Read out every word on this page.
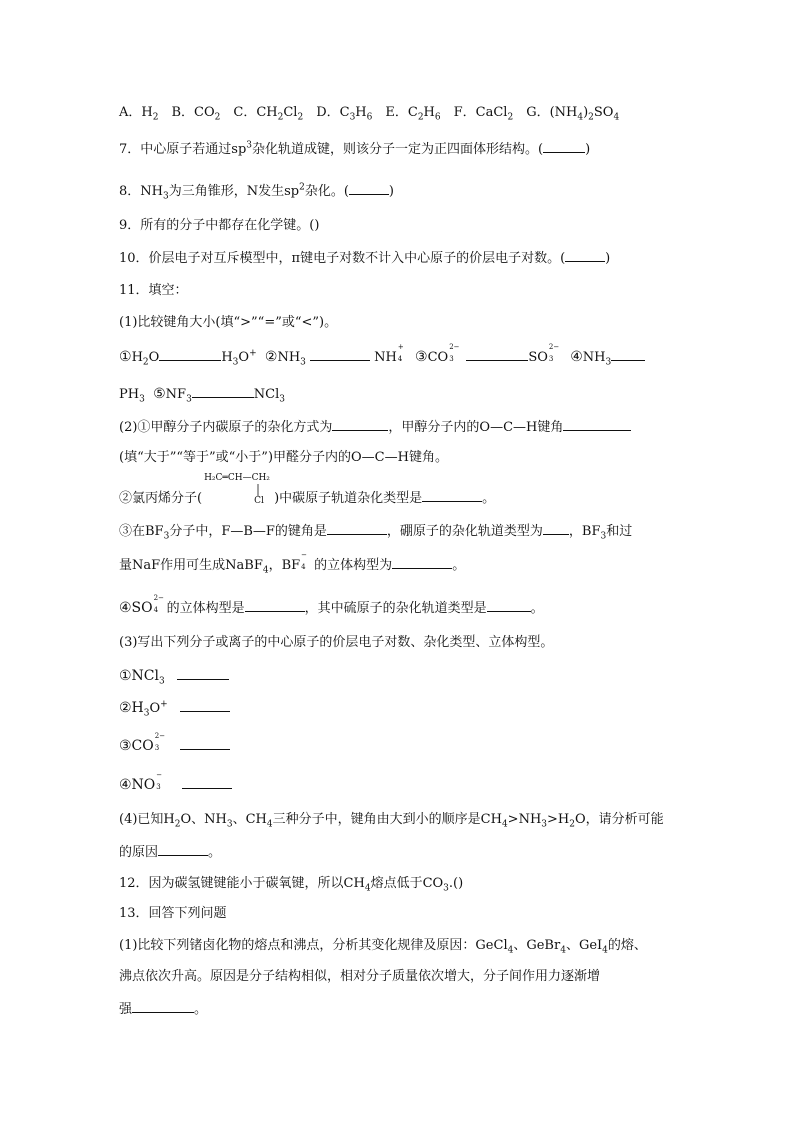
A．$H_2$　B．$CO_2$　C．$CH_2Cl_2$　D．$C_3H_6$　E．$C_2H_6$　F．CaCl$_2$　G．$(NH_4)_2SO_4$
7．中心原子若通过$sp^3$杂化轨道成键，则该分子一定为正四面体形结构。(	)
8．$NH_3$为三角锥形，N发生$sp^2$杂化。(	)
9．所有的分子中都存在化学键。()
10．价层电子对互斥模型中，π键电子对数不计入中心原子的价层电子对数。(	)
11．填空：
(1)比较键角大小(填“>”“=”或“<”)。
$①H_2O$	$H_3O^+$ $②NH_3$	NH
+
4 ③CO
2−
3	SO
2−
3 $④NH_3$
$PH_3$ $⑤NF_3$	NCl$_3$
(2)①甲醇分子内碳原子的杂化方式为	，甲醇分子内的O—C—H键角
(填“大于”“等于”或“小于”)甲醛分子内的O—C—H键角。
②氯丙烯分子(
H₂C═CH—CH₂
Cl )中碳原子轨道杂化类型是	。
③在$BF_3$分子中，F—B—F的键角是	，硼原子的杂化轨道类型为 ，$BF_3$和过
量NaF作用可生成NaBF$_4$，BF
−
4 的立体构型为	。
④SO
2−
4 的立体构型是	，其中硫原子的杂化轨道类型是	。
(3)写出下列分子或离子的中心原子的价层电子对数、杂化类型、立体构型。
①NCl$_3$
$②H_3O^+$
③CO
2−
3

④NO
−
3

(4)已知$H_2O$、$NH_3$、$CH_4$三种分子中，键角由大到小的顺序是$CH_4>NH_3>H_2O$，请分析可能
的原因	。
12．因为碳氢键键能小于碳氧键，所以$CH_4$熔点低于$CO_3.()$
13．回答下列问题
(1)比较下列锗卤化物的熔点和沸点，分析其变化规律及原因：GeCl$_4$、GeBr$_4$、GeI$_4$的熔、
沸点依次升高。原因是分子结构相似，相对分子质量依次增大，分子间作用力逐渐增
强	。
